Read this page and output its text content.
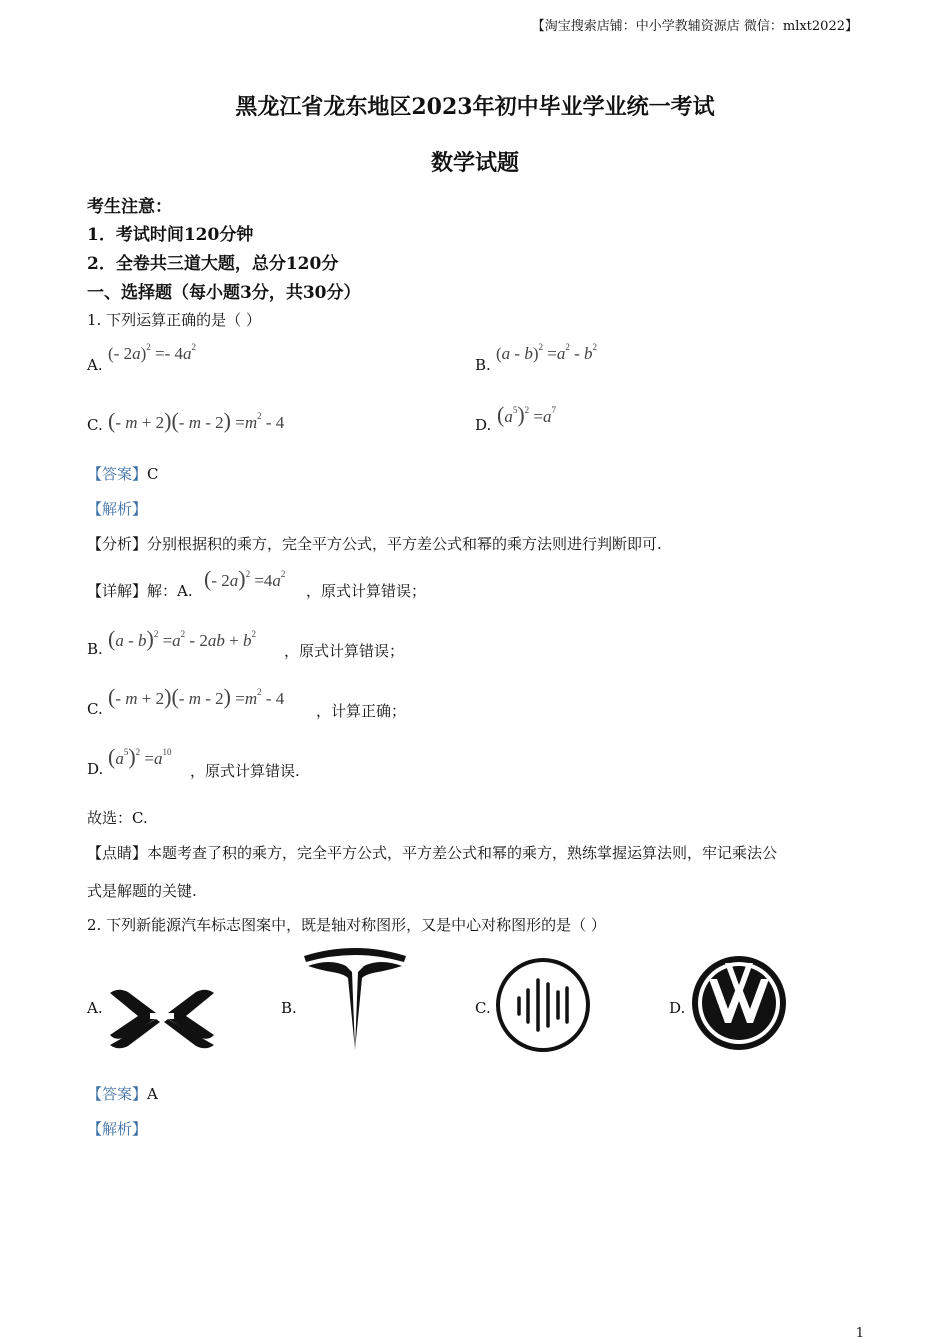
【淘宝搜索店铺：中小学教辅资源店 微信：mlxt2022】
黑龙江省龙东地区2023年初中毕业学业统一考试
数学试题
考生注意：
1．考试时间120分钟
2．全卷共三道大题，总分120分
一、选择题（每小题3分，共30分）
1. 下列运算正确的是（ ）
A.
(- $2a)^2 =- 4a^2$
B.
$(a - b)^2 =a^2 - b^2$
C. (- m + 2)(- $m - 2) =m^2 - 4$	D. $(a^5)^2 =a^7$
【答案】C
【解析】
【分析】分别根据积的乘方，完全平方公式，平方差公式和幂的乘方法则进行判断即可.
【详解】解：A. (- $2a)^2 =4a^2$
，原式计算错误；
B. $(a - b)^2 =a^2 - 2ab + b^2$
，原式计算错误；
C. (- m + 2)(- $m - 2) =m^2 - 4$
，计算正确；
D. $(a^5)^2 =a^{10}$
，原式计算错误.
故选：C.
【点睛】本题考查了积的乘方，完全平方公式，平方差公式和幂的乘方，熟练掌握运算法则，牢记乘法公
式是解题的关键.
2. 下列新能源汽车标志图案中，既是轴对称图形，又是中心对称图形的是（ ）
A.	B.	C.	D.
【答案】A
【解析】
1
